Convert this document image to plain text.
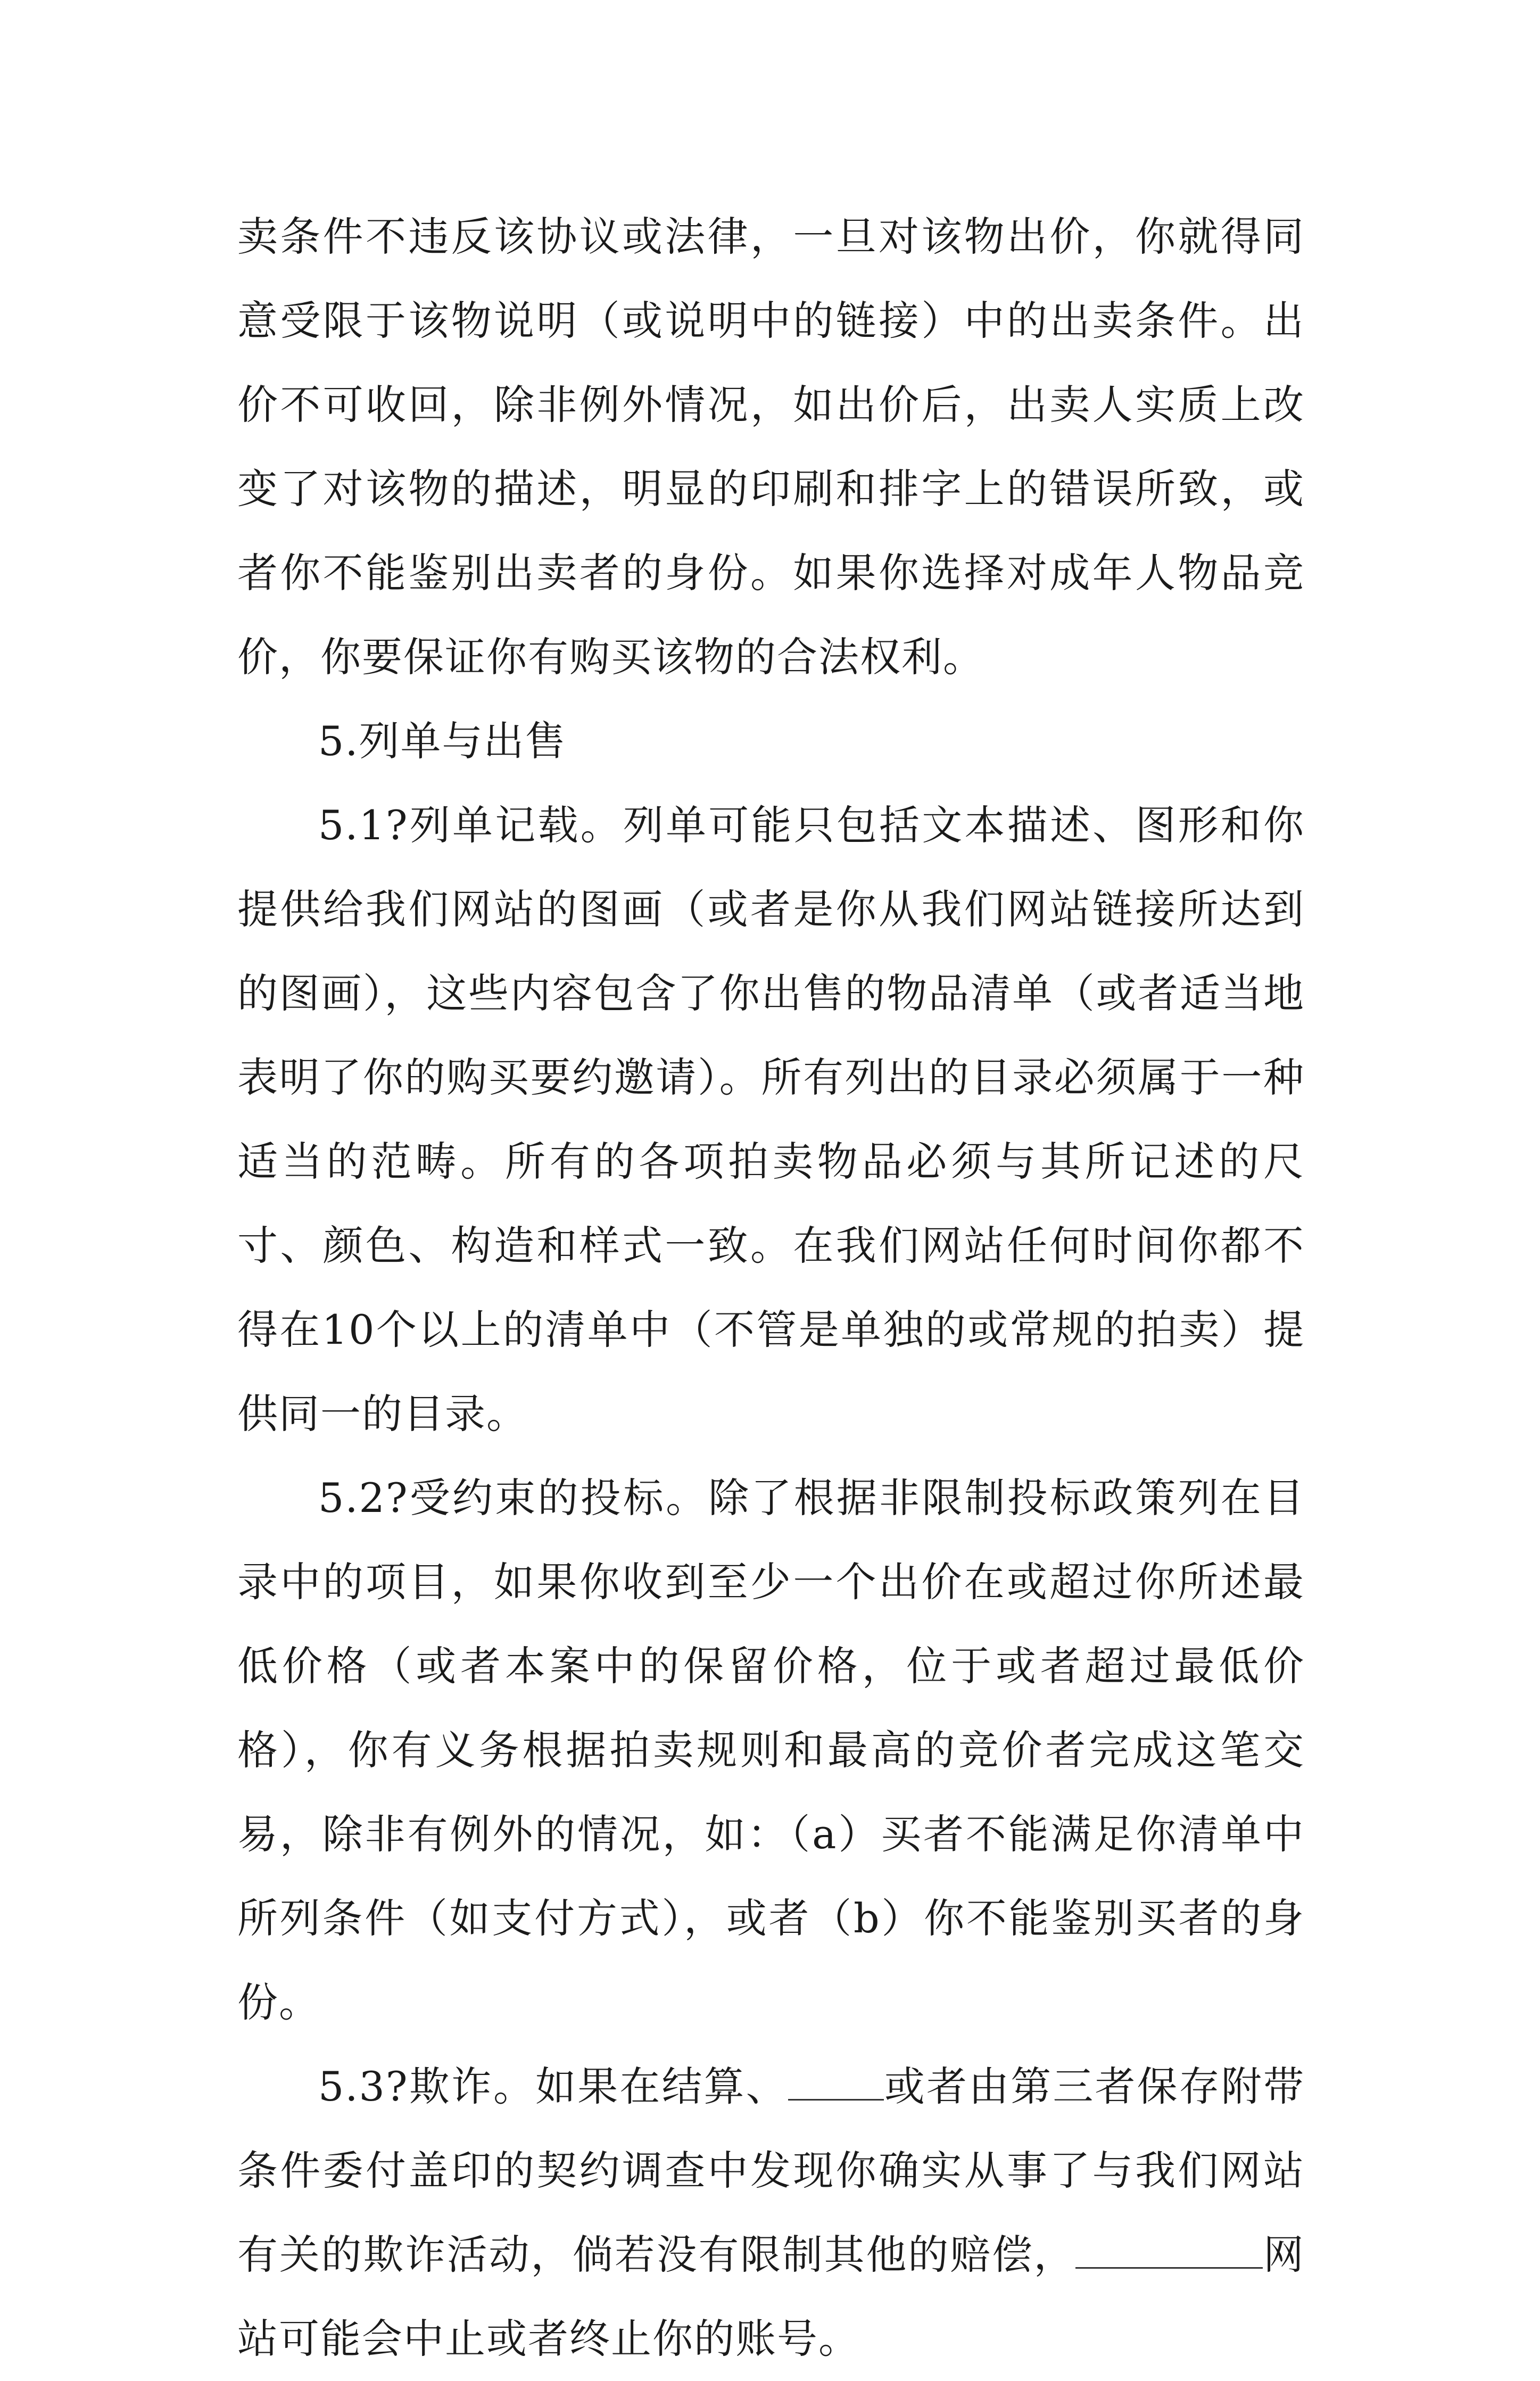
卖条件不违反该协议或法律，一旦对该物出价，你就得同意受限于该物说明（或说明中的链接）中的出卖条件。出价不可收回，除非例外情况，如出价后，出卖人实质上改变了对该物的描述，明显的印刷和排字上的错误所致，或者你不能鉴别出卖者的身份。如果你选择对成年人物品竞价，你要保证你有购买该物的合法权利。

5.列单与出售

5.1?列单记载。列单可能只包括文本描述、图形和你提供给我们网站的图画（或者是你从我们网站链接所达到的图画），这些内容包含了你出售的物品清单（或者适当地表明了你的购买要约邀请）。所有列出的目录必须属于一种适当的范畴。所有的各项拍卖物品必须与其所记述的尺寸、颜色、构造和样式一致。在我们网站任何时间你都不得在10个以上的清单中（不管是单独的或常规的拍卖）提供同一的目录。

5.2?受约束的投标。除了根据非限制投标政策列在目录中的项目，如果你收到至少一个出价在或超过你所述最低价格（或者本案中的保留价格，位于或者超过最低价格），你有义务根据拍卖规则和最高的竞价者完成这笔交易，除非有例外的情况，如：（a）买者不能满足你清单中所列条件（如支付方式），或者（b）你不能鉴别买者的身份。

5.3?欺诈。如果在结算、 或者由第三者保存附带条件委付盖印的契约调查中发现你确实从事了与我们网站有关的欺诈活动，倘若没有限制其他的赔偿，	网站可能会中止或者终止你的账号。
